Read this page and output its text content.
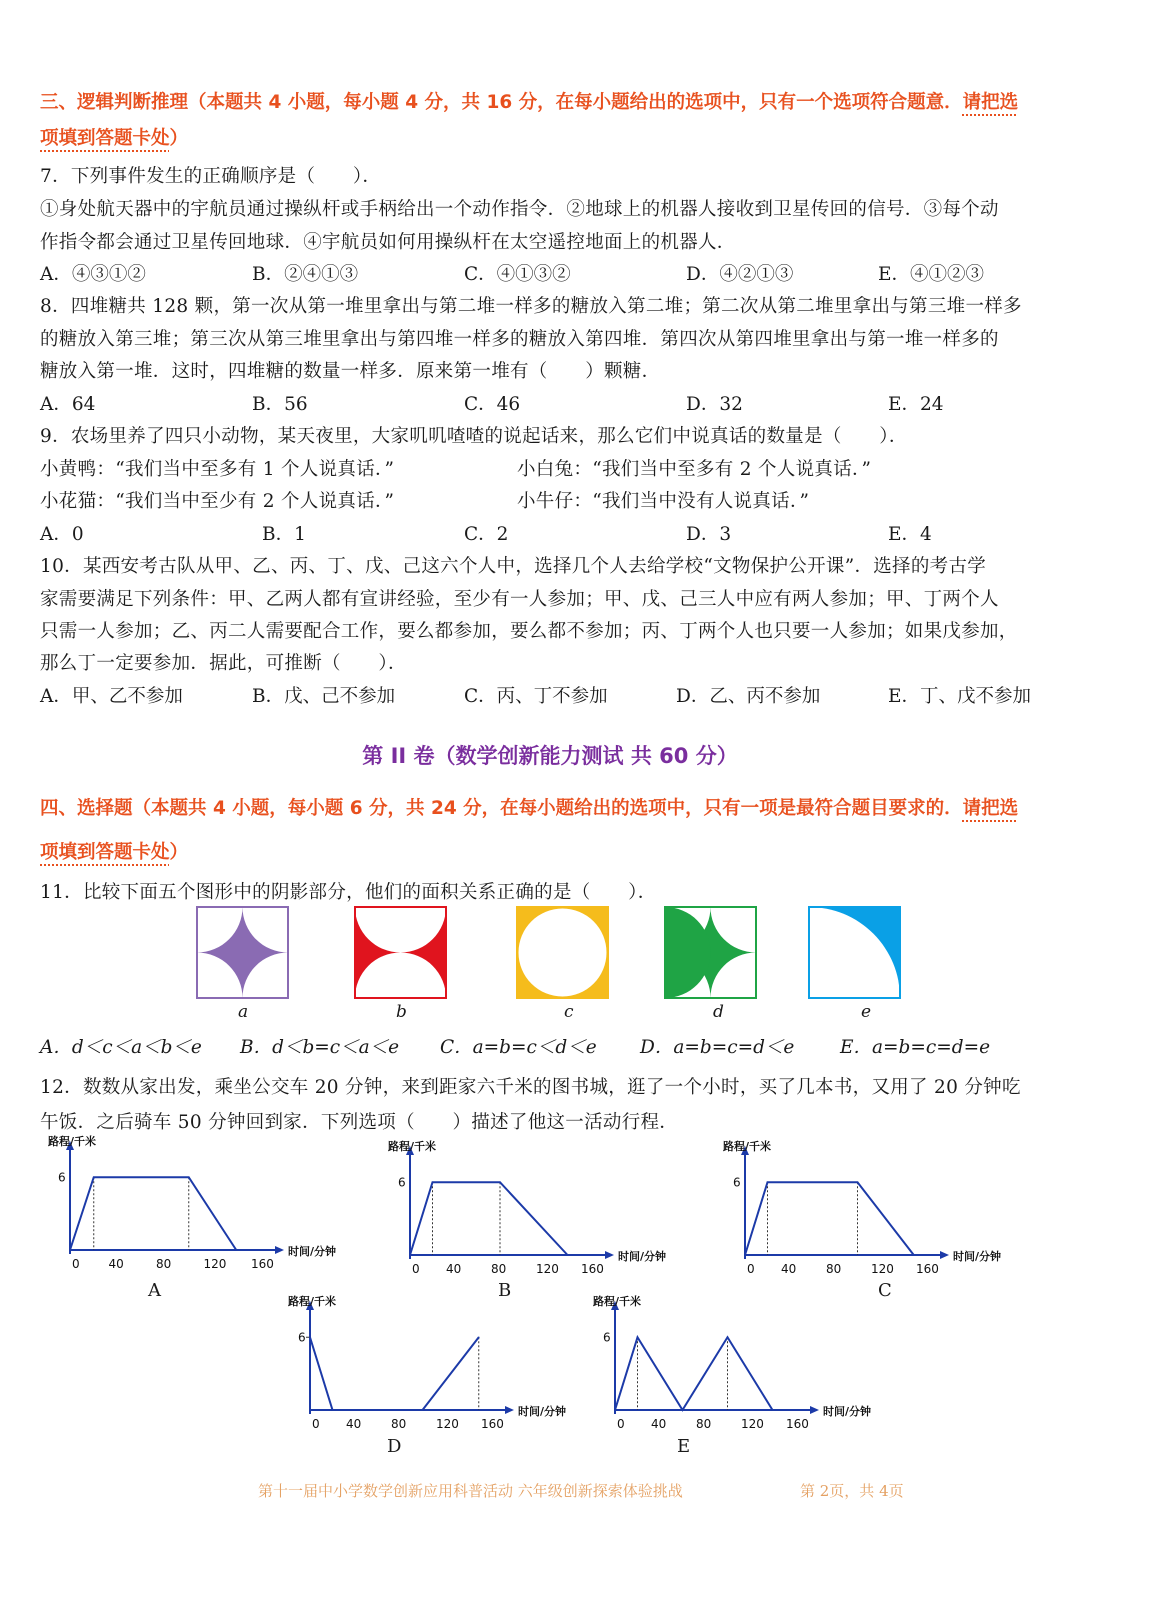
三、逻辑判断推理（本题共 4 小题，每小题 4 分，共 16 分，在每小题给出的选项中，只有一个选项符合题意．请把选
项填到答题卡处）
7．下列事件发生的正确顺序是（　　）．
①身处航天器中的宇航员通过操纵杆或手柄给出一个动作指令．②地球上的机器人接收到卫星传回的信号．③每个动
作指令都会通过卫星传回地球．④宇航员如何用操纵杆在太空遥控地面上的机器人．
A．④③①②	B．②④①③	C．④①③②	D．④②①③	E．④①②③
8．四堆糖共 128 颗，第一次从第一堆里拿出与第二堆一样多的糖放入第二堆；第二次从第二堆里拿出与第三堆一样多
的糖放入第三堆；第三次从第三堆里拿出与第四堆一样多的糖放入第四堆．第四次从第四堆里拿出与第一堆一样多的
糖放入第一堆．这时，四堆糖的数量一样多．原来第一堆有（　　）颗糖．
A．64	B．56	C．46	D．32	E．24
9．农场里养了四只小动物，某天夜里，大家叽叽喳喳的说起话来，那么它们中说真话的数量是（　　）．
小黄鸭：“我们当中至多有 1 个人说真话．”	小白兔：“我们当中至多有 2 个人说真话．”
小花猫：“我们当中至少有 2 个人说真话．”	小牛仔：“我们当中没有人说真话．”
A．0	B．1	C．2	D．3	E．4
10．某西安考古队从甲、乙、丙、丁、戊、己这六个人中，选择几个人去给学校“文物保护公开课”．选择的考古学
家需要满足下列条件：甲、乙两人都有宣讲经验，至少有一人参加；甲、戊、己三人中应有两人参加；甲、丁两个人
只需一人参加；乙、丙二人需要配合工作，要么都参加，要么都不参加；丙、丁两个人也只要一人参加；如果戊参加，
那么丁一定要参加．据此，可推断（　　）．
A．甲、乙不参加	B．戊、己不参加	C．丙、丁不参加	D．乙、丙不参加	E．丁、戊不参加
第 II 卷（数学创新能力测试 共 60 分）
四、选择题（本题共 4 小题，每小题 6 分，共 24 分，在每小题给出的选项中，只有一项是最符合题目要求的．请把选
项填到答题卡处）
11．比较下面五个图形中的阴影部分，他们的面积关系正确的是（　　）．
a	b	c	d	e
A．d＜c＜a＜b＜e	B．d＜b=c＜a＜e	C．a=b=c＜d＜e	D．a=b=c=d＜e	E．a=b=c=d=e
12．数数从家出发，乘坐公交车 20 分钟，来到距家六千米的图书城，逛了一个小时，买了几本书，又用了 20 分钟吃
午饭．之后骑车 50 分钟回到家．下列选项（　　）描述了他这一活动行程．
路程/千米
时间/分钟
0 40	80	120 160
6
路程/千米
时间/分钟
0 40 80 120 160
6
路程/千米
时间/分钟
0 40 80 120 160
6
路程/千米
时间/分钟
0 40 80 120 160
6
路程/千米
时间/分钟
0 40 80 120 160
6
A	B	C
D	E
第十一届中小学数学创新应用科普活动 六年级创新探索体验挑战	第 2页，共 4页
